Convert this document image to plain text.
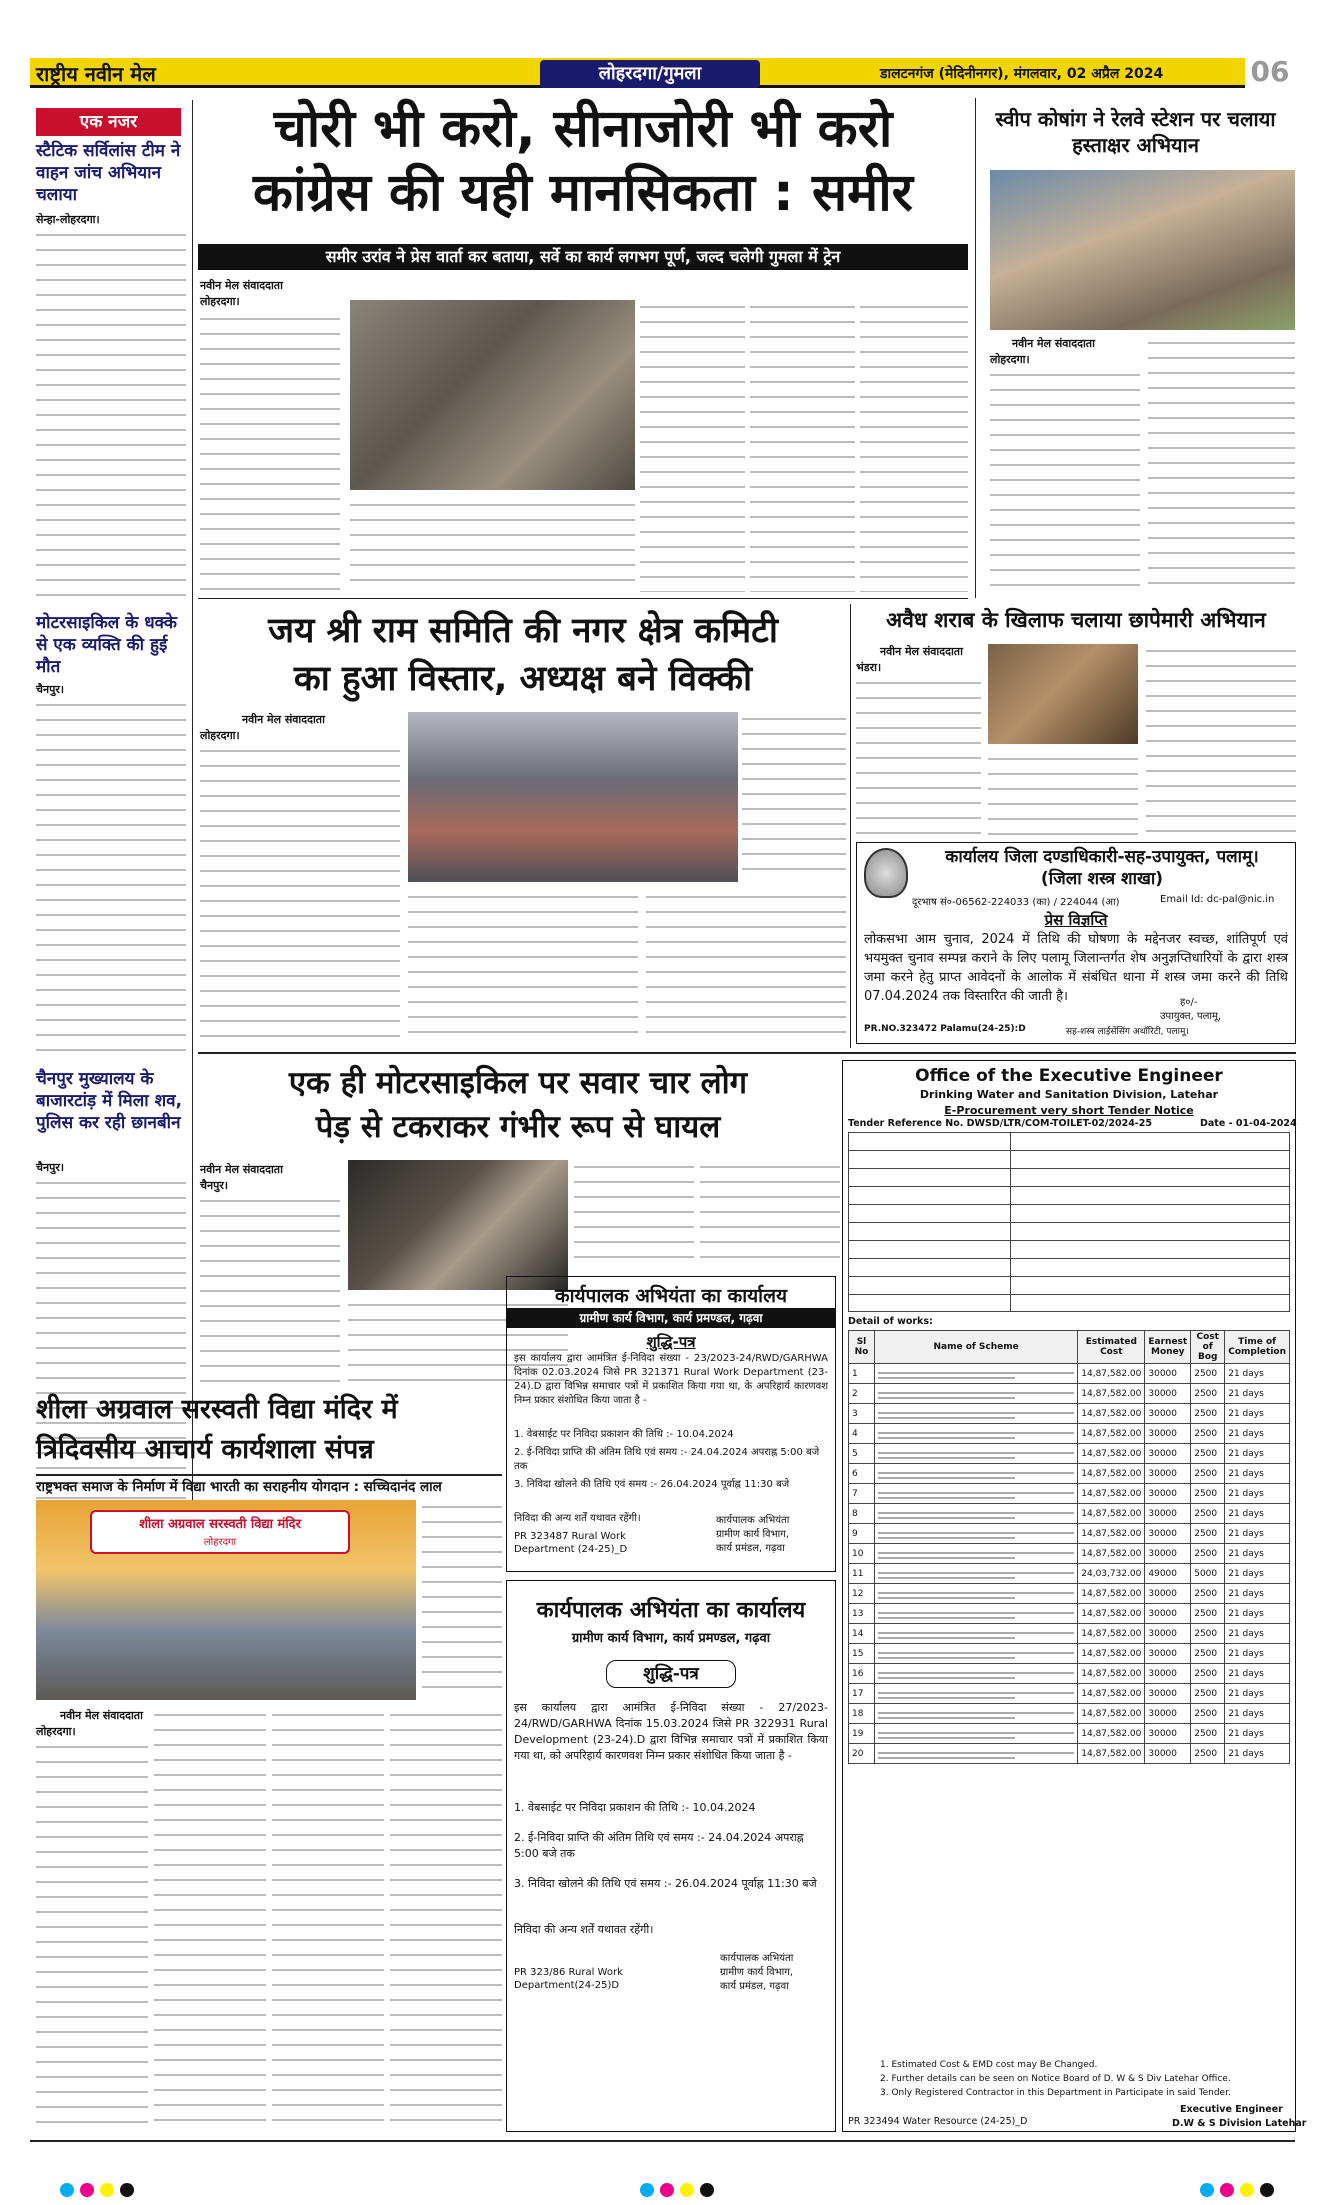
राष्ट्रीय नवीन मेल	लोहरदगा/गुमला	डालटनगंज (मेदिनीनगर), मंगलवार, 02 अप्रैल 2024	06
एक नजर
स्टैटिक सर्विलांस टीम ने वाहन जांच अभियान चलाया
सेन्हा-लोहरदगा।
मोटरसाइकिल के धक्के से एक व्यक्ति की हुई मौत
चैनपुर।
चैनपुर मुख्यालय के बाजारटांड़ में मिला शव, पुलिस कर रही छानबीन
चैनपुर।
चोरी भी करो, सीनाजोरी भी करो
कांग्रेस की यही मानसिकता : समीर
समीर उरांव ने प्रेस वार्ता कर बताया, सर्वे का कार्य लगभग पूर्ण, जल्द चलेगी गुमला में ट्रेन
नवीन मेल संवाददाता
लोहरदगा।
स्वीप कोषांग ने रेलवे स्टेशन पर चलाया हस्ताक्षर अभियान
नवीन मेल संवाददाता
लोहरदगा।
जय श्री राम समिति की नगर क्षेत्र कमिटी
का हुआ विस्तार, अध्यक्ष बने विक्की
नवीन मेल संवाददाता
लोहरदगा।
अवैध शराब के खिलाफ चलाया छापेमारी अभियान
नवीन मेल संवाददाता
भंडरा।
कार्यालय जिला दण्डाधिकारी-सह-उपायुक्त, पलामू।
(जिला शस्त्र शाखा)
दूरभाष सं०-06562-224033 (का) / 224044 (आ)	Email Id: dc-pal@nic.in
प्रेस विज्ञप्ति
लोकसभा आम चुनाव, 2024 में तिथि की घोषणा के मद्देनजर स्वच्छ, शांतिपूर्ण एवं भयमुक्त चुनाव सम्पन्न कराने के लिए पलामू जिलान्तर्गत शेष अनुज्ञप्तिधारियों के द्वारा शस्त्र जमा करने हेतु प्राप्त आवेदनों के आलोक में संबंधित थाना में शस्त्र जमा करने की तिथि 07.04.2024 तक विस्तारित की जाती है।	ह०/-
उपायुक्त, पलामू,
PR.NO.323472 Palamu(24-25):D	सह-शस्त्र लाईसेंसिंग अथॉरिटी, पलामू।
एक ही मोटरसाइकिल पर सवार चार लोग
पेड़ से टकराकर गंभीर रूप से घायल
नवीन मेल संवाददाता
चैनपुर।
कार्यपालक अभियंता का कार्यालय
ग्रामीण कार्य विभाग, कार्य प्रमण्डल, गढ़वा
शुद्धि-पत्र
इस कार्यालय द्वारा आमंत्रित ई-निविदा संख्या - 23/2023-24/RWD/GARHWA दिनांक 02.03.2024 जिसे PR 321371 Rural Work Department (23-24).D द्वारा विभिन्न समाचार पत्रों में प्रकाशित किया गया था, के अपरिहार्य कारणवश निम्न प्रकार संशोधित किया जाता है -
1. वेबसाईट पर निविदा प्रकाशन की तिथि :- 10.04.2024
2. ई-निविदा प्राप्ति की अंतिम तिथि एवं समय :- 24.04.2024 अपराह्न 5:00 बजे तक
3. निविदा खोलने की तिथि एवं समय :- 26.04.2024 पूर्वाह्न 11:30 बजे
निविदा की अन्य शर्तें यथावत रहेंगी।
PR 323487 Rural Work Department (24-25)_D
कार्यपालक अभियंता
ग्रामीण कार्य विभाग,
कार्य प्रमंडल, गढ़वा
शीला अग्रवाल सरस्वती विद्या मंदिर में
त्रिदिवसीय आचार्य कार्यशाला संपन्न
राष्ट्रभक्त समाज के निर्माण में विद्या भारती का सराहनीय योगदान : सच्चिदानंद लाल
शीला अग्रवाल सरस्वती विद्या मंदिर
लोहरदगा
नवीन मेल संवाददाता
लोहरदगा।
कार्यपालक अभियंता का कार्यालय
ग्रामीण कार्य विभाग, कार्य प्रमण्डल, गढ़वा
शुद्धि-पत्र
इस कार्यालय द्वारा आमंत्रित ई-निविदा संख्या - 27/2023-24/RWD/GARHWA दिनांक 15.03.2024 जिसे PR 322931 Rural Development (23-24).D द्वारा विभिन्न समाचार पत्रों में प्रकाशित किया गया था, को अपरिहार्य कारणवश निम्न प्रकार संशोधित किया जाता है -
1. वेबसाईट पर निविदा प्रकाशन की तिथि :- 10.04.2024
2. ई-निविदा प्राप्ति की अंतिम तिथि एवं समय :- 24.04.2024 अपराह्न 5:00 बजे तक
3. निविदा खोलने की तिथि एवं समय :- 26.04.2024 पूर्वाह्न 11:30 बजे
निविदा की अन्य शर्तें यथावत रहेंगी।
कार्यपालक अभियंता
ग्रामीण कार्य विभाग,
कार्य प्रमंडल, गढ़वा
PR 323/86 Rural Work Department(24-25)D
Office of the Executive Engineer
Drinking Water and Sanitation Division, Latehar
E-Procurement very short Tender Notice
Tender Reference No. DWSD/LTR/COM-TOILET-02/2024-25	Date - 01-04-2024
Detail of works:
Sl No	Name of Scheme	Estimated Cost	Earnest Money	Cost of Bog	Time of Completion
1		14,87,582.00	30000	2500	21 days
2		14,87,582.00	30000	2500	21 days
3		14,87,582.00	30000	2500	21 days
4		14,87,582.00	30000	2500	21 days
5		14,87,582.00	30000	2500	21 days
6		14,87,582.00	30000	2500	21 days
7		14,87,582.00	30000	2500	21 days
8		14,87,582.00	30000	2500	21 days
9		14,87,582.00	30000	2500	21 days
10		14,87,582.00	30000	2500	21 days
11		24,03,732.00	49000	5000	21 days
12		14,87,582.00	30000	2500	21 days
13		14,87,582.00	30000	2500	21 days
14		14,87,582.00	30000	2500	21 days
15		14,87,582.00	30000	2500	21 days
16		14,87,582.00	30000	2500	21 days
17		14,87,582.00	30000	2500	21 days
18		14,87,582.00	30000	2500	21 days
19		14,87,582.00	30000	2500	21 days
20		14,87,582.00	30000	2500	21 days
1. Estimated Cost & EMD cost may Be Changed.
2. Further details can be seen on Notice Board of D. W & S Div Latehar Office.
3. Only Registered Contractor in this Department in Participate in said Tender.
PR 323494 Water Resource (24-25)_D
Executive Engineer
D.W & S Division Latehar
